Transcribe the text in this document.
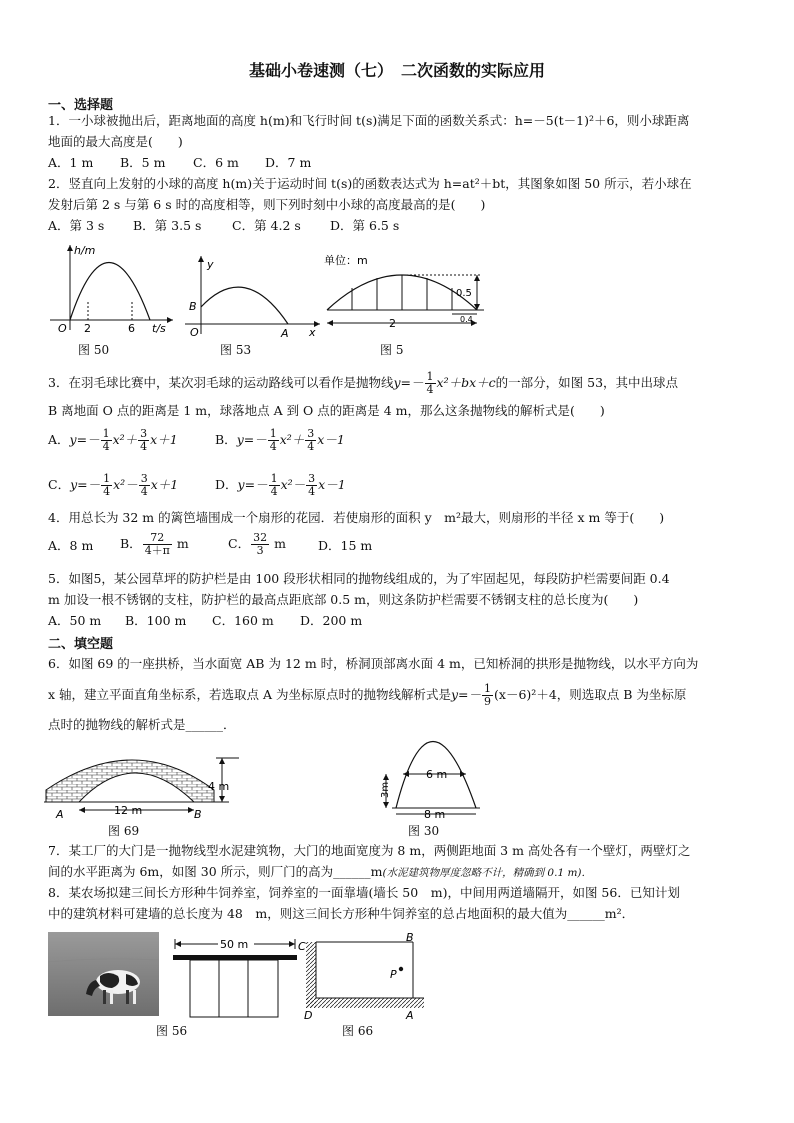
基础小卷速测（七）　二次函数的实际应用
一、选择题
1．一小球被抛出后，距离地面的高度 h(m)和飞行时间 t(s)满足下面的函数关系式：h=－5(t－1)²＋6，则小球距离
地面的最大高度是(　　)
A．1 m B．5 m C．6 m D．7 m
2．竖直向上发射的小球的高度 h(m)关于运动时间 t(s)的函数表达式为 h=at²＋bt，其图象如图 50 所示，若小球在
发射后第 2 s 与第 6 s 时的高度相等，则下列时刻中小球的高度最高的是(　　)
A．第 3 s B．第 3.5 s C．第 4.2 s D．第 6.5 s
h/m
O 2	6 t/s
图 50
y
B
O	A x
图 53
单位：m
0.5
2	0.4
图 5
3．在羽毛球比赛中，某次羽毛球的运动路线可以看作是抛物线$y=- \frac{1}{4} x^2+bx+c$的一部分，如图 53，其中出球点
B 离地面 O 点的距离是 1 m，球落地点 A 到 O 点的距离是 4 m，那么这条抛物线的解析式是(　　)
A．$y=- \frac{1}{4} x^2+ \frac{3}{4} x+1$	B．$y=- \frac{1}{4} x^2+ \frac{3}{4} x-1$
C．$y=- \frac{1}{4} x^2- \frac{3}{4} x+1$	D．$y=- \frac{1}{4} x^2- \frac{3}{4} x-1$
4．用总长为 32 m 的篱笆墙围成一个扇形的花园．若使扇形的面积 y　m²最大，则扇形的半径 x m 等于(　　)
A．8 m B． $\frac{72}{4+\pi}$ m	C． $\frac{32}{3}$ m	D．15 m
5．如图5，某公园草坪的防护栏是由 100 段形状相同的抛物线组成的，为了牢固起见，每段防护栏需要间距 0.4
m 加设一根不锈钢的支柱，防护栏的最高点距底部 0.5 m，则这条防护栏需要不锈钢支柱的总长度为(　　)
A．50 m B．100 m C．160 m D．200 m
二、填空题
6．如图 69 的一座拱桥，当水面宽 AB 为 12 m 时，桥洞顶部离水面 4 m，已知桥洞的拱形是抛物线，以水平方向为
x 轴，建立平面直角坐标系，若选取点 A 为坐标原点时的抛物线解析式是$y=- \frac{1}{9} (x-6)^2+4$，则选取点 B 为坐标原
点时的抛物线的解析式是______．
4 m
12 m
A	B
图 69
6 m
3m
8 m
图 30
7．某工厂的大门是一抛物线型水泥建筑物，大门的地面宽度为 8 m，两侧距地面 3 m 高处各有一个壁灯，两壁灯之
间的水平距离为 6m，如图 30 所示，则厂门的高为______m(水泥建筑物厚度忽略不计，精确到 0.1 m)．
8．某农场拟建三间长方形种牛饲养室，饲养室的一面靠墙(墙长 50　m)，中间用两道墙隔开，如图 56．已知计划
中的建筑材料可建墙的总长度为 48　m，则这三间长方形种牛饲养室的总占地面积的最大值为______m²．
50 m
图 56
C
B
P
D	A
图 66
